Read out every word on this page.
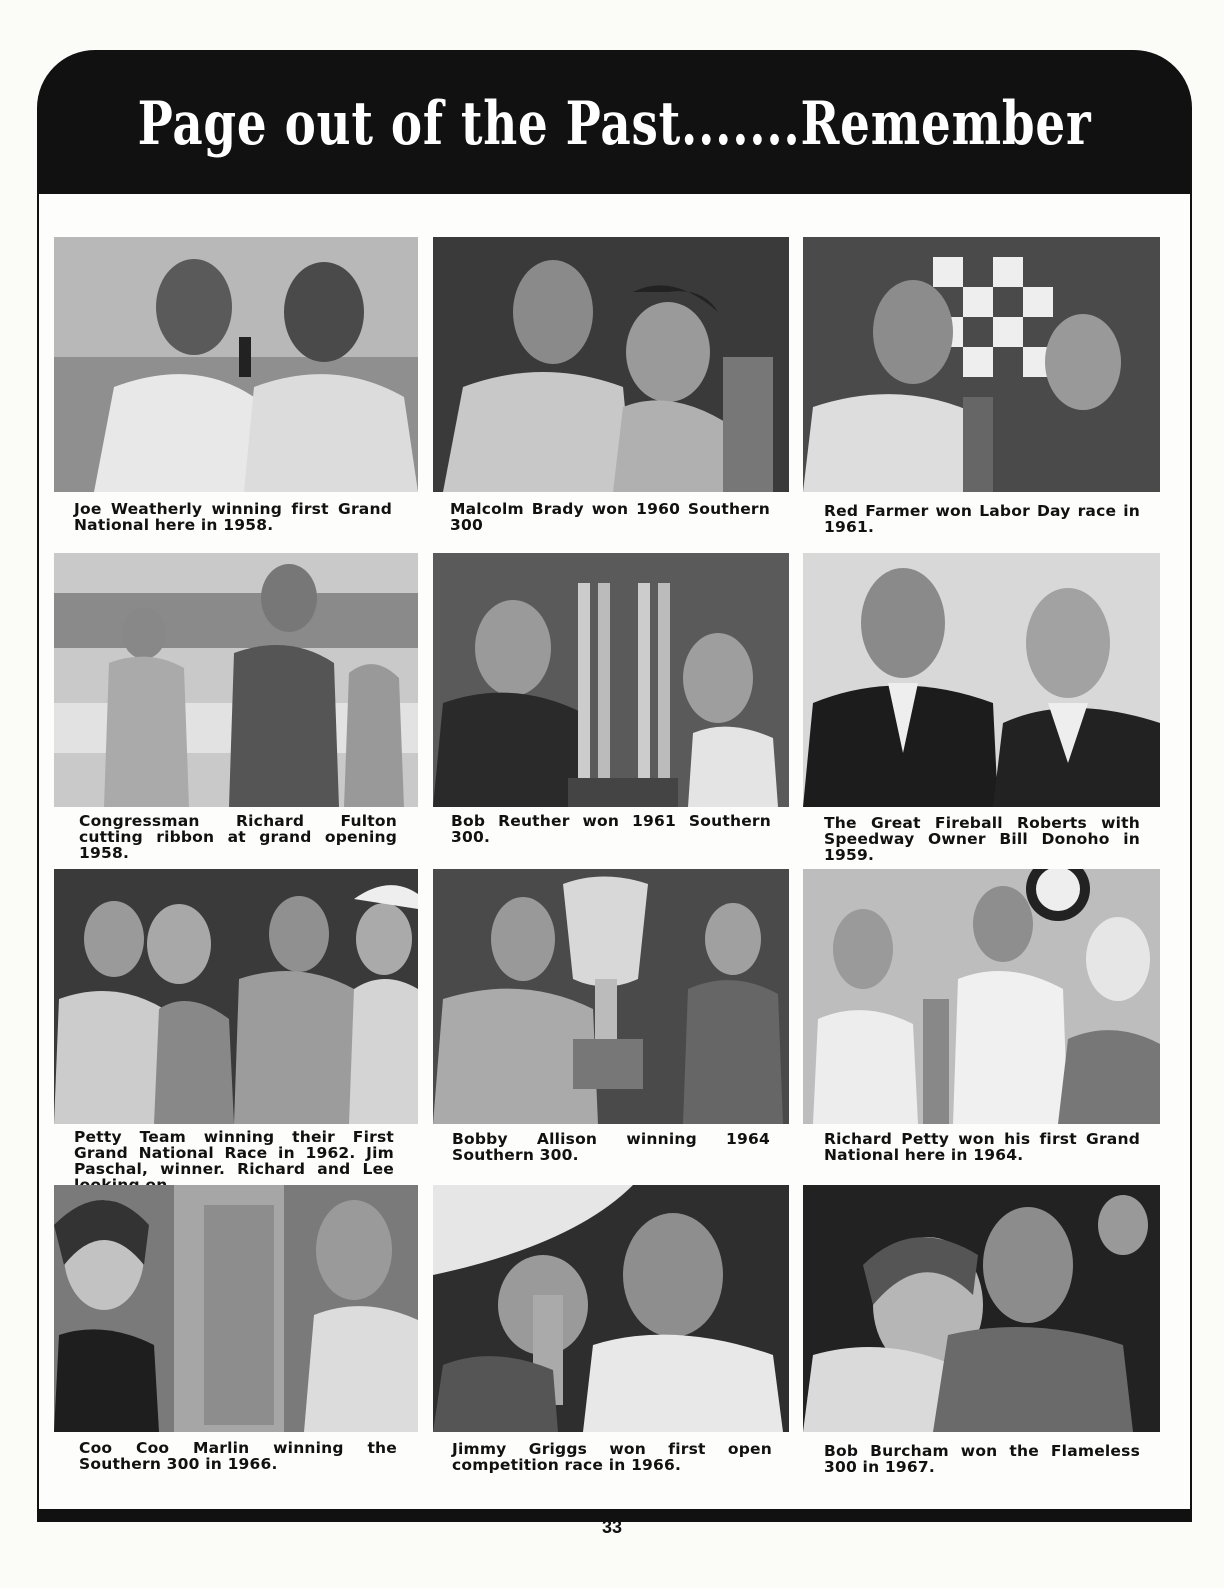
Page out of the Past.......Remember
Joe Weatherly winning first Grand National here in 1958.
Malcolm Brady won 1960 Southern 300
Red Farmer won Labor Day race in 1961.
Congressman Richard Fulton cutting ribbon at grand opening 1958.
Bob Reuther won 1961 Southern 300.
The Great Fireball Roberts with Speedway Owner Bill Donoho in 1959.
Petty Team winning their First Grand National Race in 1962. Jim Paschal, winner. Richard and Lee
Bobby Allison winning 1964 Southern 300.
Richard Petty won his first Grand National here in 1964.
Coo Coo Marlin winning the Southern 300 in 1966.
Jimmy Griggs won first open competition race in 1966.
Bob Burcham won the Flameless 300 in 1967.
33
